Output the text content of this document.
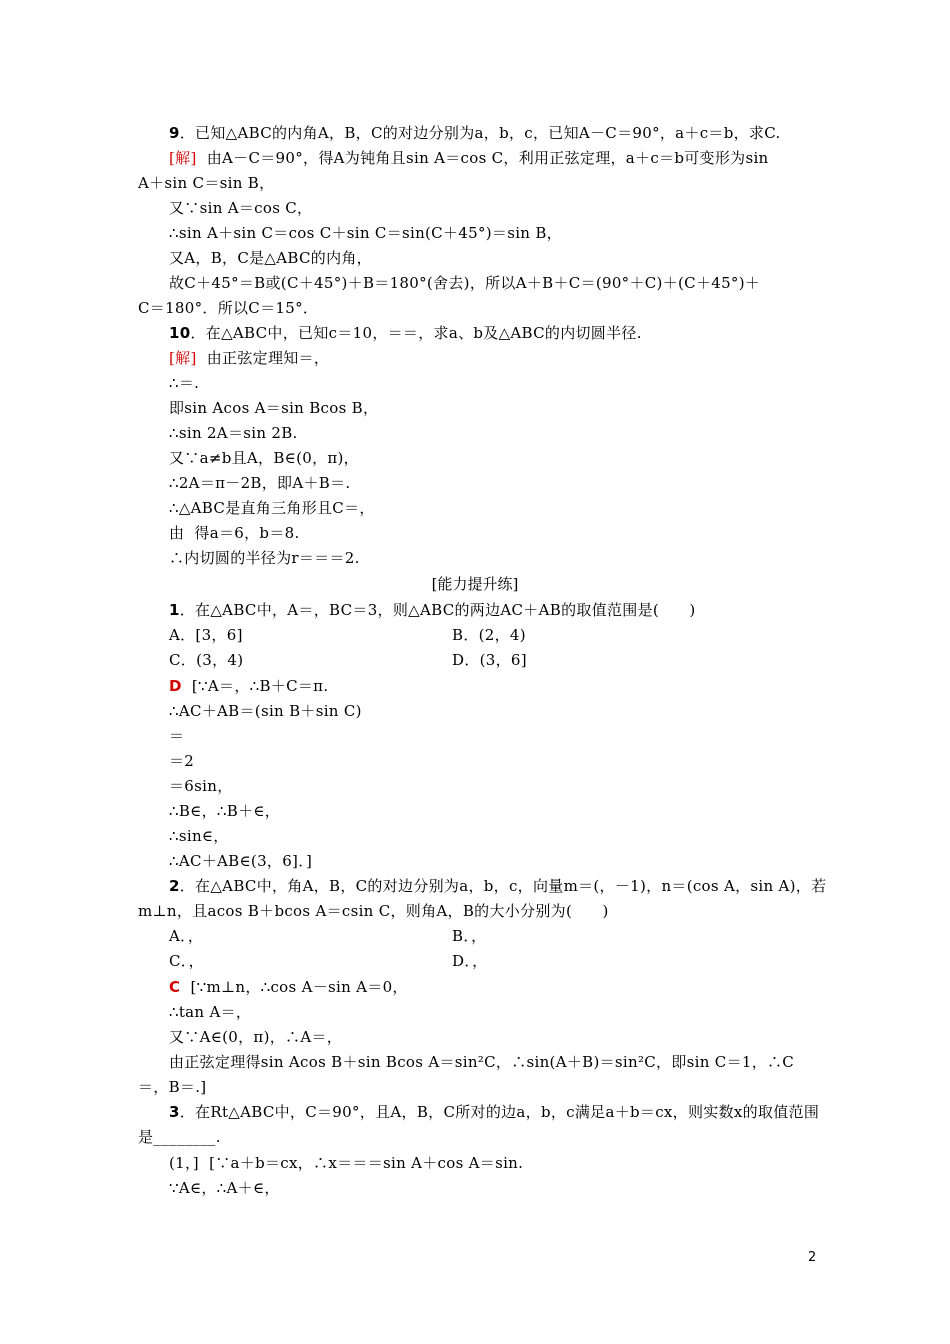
9．已知△ABC的内角A，B，C的对边分别为a，b，c，已知A－C＝90°，a＋c＝b，求C.
[解]  由A－C＝90°，得A为钝角且sin A＝cos C，利用正弦定理，a＋c＝b可变形为sin
A＋sin C＝sin B，
又∵sin A＝cos C，
∴sin A＋sin C＝cos C＋sin C＝sin(C＋45°)＝sin B，
又A，B，C是△ABC的内角，
故C＋45°＝B或(C＋45°)＋B＝180°(舍去)，所以A＋B＋C＝(90°＋C)＋(C＋45°)＋
C＝180°．所以C＝15°．
10．在△ABC中，已知c＝10，＝＝，求a、b及△ABC的内切圆半径.
[解]  由正弦定理知＝，
∴＝.
即sin Acos A＝sin Bcos B，
∴sin 2A＝sin 2B.
又∵a≠b且A，B∈(0，π)，
∴2A＝π－2B，即A＋B＝.
∴△ABC是直角三角形且C＝，
由  得a＝6，b＝8.
∴内切圆的半径为r＝＝＝2.
[能力提升练]
1．在△ABC中，A＝，BC＝3，则△ABC的两边AC＋AB的取值范围是(      )
A．[3，6]	B．(2，4)
C．(3，4)	D．(3，6]
D  [∵A＝，∴B＋C＝π.
∴AC＋AB＝(sin B＋sin C)
＝
＝2
＝6sin，
∴B∈，∴B＋∈，
∴sin∈，
∴AC＋AB∈(3，6]．]
2．在△ABC中，角A，B，C的对边分别为a，b，c，向量m＝(，－1)，n＝(cos A，sin A)，若
m⊥n，且acos B＋bcos A＝csin C，则角A，B的大小分别为(      )
A．，	B．，
C．，	D．，
C  [∵m⊥n，∴cos A－sin A＝0，
∴tan A＝，
又∵A∈(0，π)，∴A＝，
由正弦定理得sin Acos B＋sin Bcos A＝sin²C，∴sin(A＋B)＝sin²C，即sin C＝1，∴C
＝，B＝.]
3．在Rt△ABC中，C＝90°，且A，B，C所对的边a，b，c满足a＋b＝cx，则实数x的取值范围
是________.
(1，]  [∵a＋b＝cx，∴x＝＝＝sin A＋cos A＝sin.
∵A∈，∴A＋∈，
2
